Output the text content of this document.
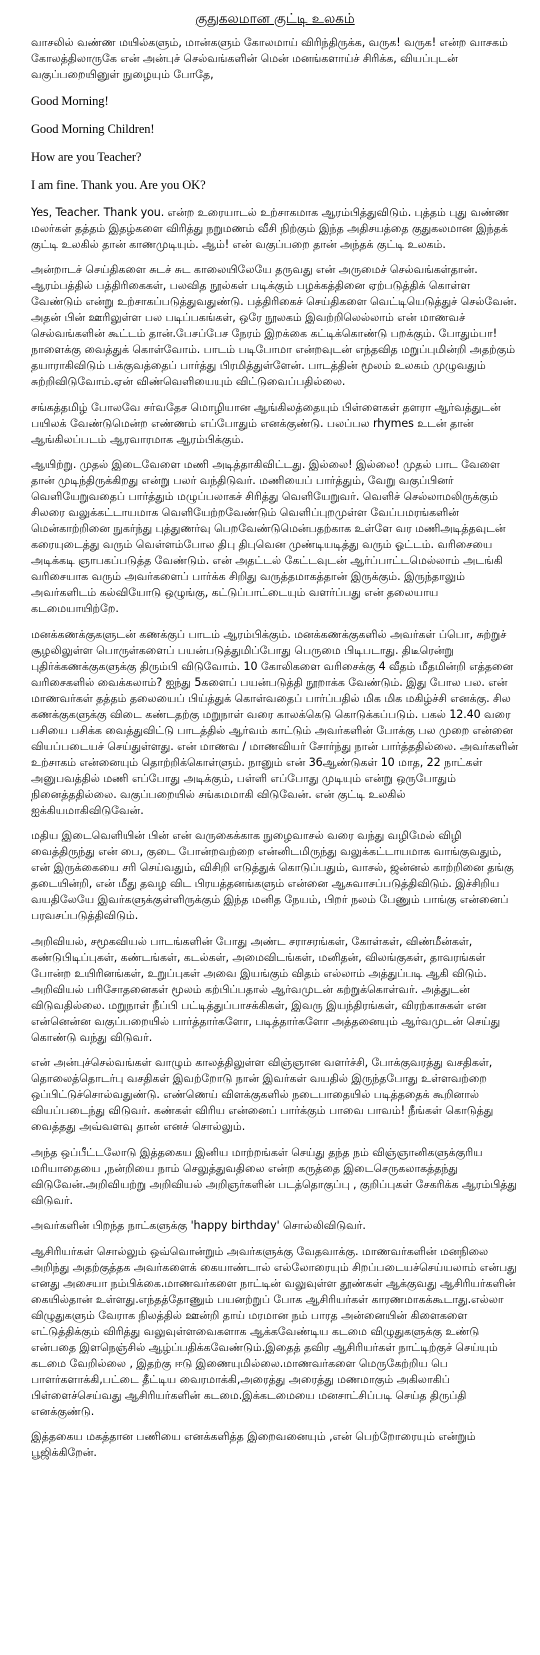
குதுகலமான குட்டி உலகம்

வாசலில் வண்ண மயில்களும், மான்களும் கோலமாய் விரிந்திருக்க, வருக! வருக! என்ற வாசகம் கோலத்திலாருகே என் அன்புச் செல்வங்களின் மென் மனங்களாய்ச் சிரிக்க, வியப்புடன் வகுப்பறையினுள் நுழையும் போதே,

Good Morning!

Good Morning Children!

How are you Teacher?

I am fine. Thank you. Are you OK?

Yes, Teacher. Thank you. என்ற உரையாடல் உற்சாகமாக ஆரம்பித்துவிடும். புத்தம் புது வண்ண மலர்கள் தத்தம் இதழ்களை விரித்து நறுமணம் வீசி நிற்கும் இந்த அதிசயத்தை குதுகலமான இந்தக் குட்டி உலகில் தான் காணமுடியும். ஆம்! என் வகுப்பறை தான் அந்தக் குட்டி உலகம்.

அன்றாடச் செய்திகளை சுடச் சுட காலையிலேயே தருவது என் அருமைச் செல்வங்கள்தான். ஆரம்பத்தில் பத்திரிகைகள், பலவித நூல்கள் படிக்கும் பழக்கத்தினை ஏற்படுத்திக் கொள்ள வேண்டும் என்று உற்சாகப்படுத்துவதுண்டு. பத்திரிகைச் செய்திகளை வெட்டியெடுத்துச் செல்வேன். அதன் பின் ஊரிலுள்ள பல படிப்பகங்கள், ஒரே நூலகம் இவற்றிலெல்லாம் என் மாணவச் செல்வங்களின் கூட்டம் தான்.பேசப்பேச நேரம் இறக்கை கட்டிக்கொண்டு பறக்கும். போதும்பா! நாளைக்கு வைத்துக் கொள்வோம். பாடம் படிபோமா என்றவுடன் எந்தவித மறுப்புமின்றி அதற்கும் தயாராகிவிடும் பக்குவத்தைப் பார்த்து பிரமித்துள்ளேன். பாடத்தின் மூலம் உலகம் முழுவதும் சுற்றிவிடுவோம்.ஏன் விண்வெளியையும் விட்டுவைப்பதில்லை.

சங்கத்தமிழ் போலவே சர்வதேச மொழியான ஆங்கிலத்தையும் பிள்ளைகள் தளரா ஆர்வத்துடன் பயிலக் வேண்டுமென்ற எண்ணம் எப்போதும் எனக்குண்டு. பலப்பல rhymes உடன் தான் ஆங்கிலப்படம் ஆரவாரமாக ஆரம்பிக்கும்.

ஆயிற்று. முதல் இடைவேளை மணி அடித்தாகிவிட்டது. இல்லை! இல்லை! முதல் பாட வேளை தான் முடிந்திருக்கிறது என்று பலர் வந்திடுவர். மணியைப் பார்த்தும், வேறு வகுப்பினர் வெளியேறுவதைப் பார்த்தும் மழுப்பலாகச் சிரித்து வெளியேறுவர். வெளிச் செல்லாமலிருக்கும் சிலரை வலுக்கட்டாயமாக வெளியேற்றவேண்டும் வெளிப்புறமுள்ள வேப்பமரங்களின் மென்காற்றினை நுகர்ந்து புத்துணர்வு பெறவேண்டுமென்பதற்காக உள்ளே வர மணிஅடித்தவுடன் கரையுடைத்து வரும் வெள்ளம்போல திபு திபுவென முண்டியடித்து வரும் ஓட்டம். வரிசையை அடிக்கடி ஞாபகப்படுத்த வேண்டும். என் அதட்டல் கேட்டவுடன் ஆர்ப்பாட்டமெல்லாம் அடங்கி வரிசையாக வரும் அவர்களைப் பார்க்க சிறிது வருத்தமாகத்தான் இருக்கும். இருந்தாலும் அவர்களிடம் கல்வியோடு ஒழுங்கு, கட்டுப்பாட்டையும் வளர்ப்பது என் தலையாய கடமையாயிற்றே.

மனக்கணக்குகளுடன் கணக்குப் பாடம் ஆரம்பிக்கும். மனக்கணக்குகளில் அவர்கள் ப்பொ, சுற்றுச் சூழலிலுள்ள பொருள்களைப் பயன்படுத்துமிப்போது பெருமை பிடிபடாது. திடீரென்று புதிர்க்கணக்குகளுக்கு திரும்பி விடுவோம். 10 கோலிகளை வரிசைக்கு 4 வீதம் மீதமின்றி எத்தனை வரிசைகளில் வைக்கலாம்? ஐந்து 5களைப் பயன்படுத்தி நூறாக்க வேண்டும். இது போல பல. என் மாணவர்கள் தத்தம் தலையைப் பிய்த்துக் கொள்வதைப் பார்ப்பதில் மிக மிக மகிழ்ச்சி எனக்கு. சில கணக்குகளுக்கு விடை கண்டதற்கு மறுநாள் வரை காலக்கெடு கொடுக்கப்படும். பகல் 12.40 வரை பசியை பசிக்க வைத்துவிட்டு பாடத்தில் ஆர்வம் காட்டும் அவர்களின் போக்கு பல முறை என்னை வியப்படையச் செய்துள்ளது. என் மாணவ / மாணவியர் சோர்ந்து நான் பார்த்ததில்லை. அவர்களின் உற்சாகம் என்னையும் தொற்றிக்கொள்ளும். நானும் என் 36ஆண்டுகள் 10 மாத, 22 நாட்கள் அனுபவத்தில் மணி எப்போது அடிக்கும், பள்ளி எப்போது முடியும் என்று ஒருபோதும் நினைத்ததில்லை. வகுப்பறையில் சங்கமமாகி விடுவேன். என் குட்டி உலகில் ஐக்கியமாகிவிடுவேன்.

மதிய இடைவெளியின் பின் என் வருகைக்காக நுழைவாசல் வரை வந்து வழிமேல் விழி வைத்திருந்து என் பை, குடை போன்றவற்றை என்னிடமிருந்து வலுக்கட்டாயமாக வாங்குவதும், என் இருக்கையை சரி செய்வதும், விசிறி எடுத்துக் கொடுப்பதும், வாசல், ஜன்னல் காற்றினை தங்கு தடையின்றி, என் மீது தவழ விட பிரயத்தனங்களும் என்னை ஆசுவாசப்படுத்திவிடும். இச்சிறிய வயதிலேயே இவர்களுக்குள்ளிருக்கும் இந்த மனித நேயம், பிறர் நலம் பேணும் பாங்கு என்னைப் பரவசப்படுத்திவிடும்.

அறிவியல், சமூகவியல் பாடங்களின் போது அண்ட சராசரங்கள், கோள்கள், விண்மீன்கள், கண்டுபிடிப்புகள், கண்டங்கள், கடல்கள், அமைவிடங்கள், மனிதன், விலங்குகள், தாவரங்கள் போன்ற உயிரினங்கள், உறுப்புகள் அவை இயங்கும் விதம் எல்லாம் அத்துப்படி ஆகி விடும். அறிவியல் பரிசோதனைகள் மூலம் கற்பிப்பதால் ஆர்வமுடன் கற்றுக்கொள்வர். அத்துடன் விடுவதில்லை. மறுநாள் நீப்பி பட்டித்துப்பாசக்கிகள், இவரு இயந்திரங்கள், விரற்காசுகள் என என்னென்ன வகுப்பறையில் பார்த்தார்களோ, படித்தார்களோ அத்தனையும் ஆர்வமுடன் செய்து கொண்டு வந்து விடுவர்.

என் அன்புச்செல்வங்கள் வாழும் காலத்திலுள்ள விஞ்ஞான வளர்ச்சி, போக்குவரத்து வசதிகள், தொலைத்தொடர்பு வசதிகள் இவற்றோடு நான் இவர்கள் வயதில் இருந்தபோது உள்ளவற்றை ஒப்பிட்டுச்சொல்வதுண்டு. எண்ணெய் விளக்குகளில் நடைபாதையில் படித்ததைக் கூறினால் வியப்படைந்து விடுவர். கண்கள் விரிய என்னைப் பார்க்கும் பாவை பாவம்! நீங்கள் கொடுத்து வைத்தது அவ்வளவு தான் எனச் சொல்லும்.

அந்த ஒப்பீட்டலோடு இத்தகைய இனிய மாற்றங்கள் செய்து தந்த நம் விஞ்ஞானிகளுக்குரிய மரியாதையை ,நன்றியை நாம் செலுத்துவதிலை என்ற கருத்தை இடைசெருகலாகத்தந்து விடுவேன்.அறிவியற்று அறிவியல் அறிஞர்களின் படத்தொகுப்பு , குறிப்புகள் சேகரிக்க ஆரம்பித்து விடுவர்.

அவர்களின் பிறந்த நாட்களுக்கு 'happy birthday' சொல்லிவிடுவர்.

ஆசிரியர்கள் சொல்லும் ஒவ்வொன்றும் அவர்களுக்கு வேதவாக்கு. மாணவர்களின் மனநிலை அறிந்து அதற்குத்தக அவர்களைக் கையாண்டால் எல்லோரையும் சிறப்படையச்செய்யலாம் என்பது எனது அசையா நம்பிக்கை.மாணவர்களை நாட்டின் வலுவுள்ள தூண்கள் ஆக்குவது ஆசிரியர்களின் கையில்தான் உள்ளது.எந்தத்தோணும் பயனற்றுப் போக ஆசிரியர்கள் காரணமாகக்கூடாது.எல்லா விழுதுகளும் வேராக நிலத்தில் ஊன்றி தாய் மரமான நம் பாரத அன்னையின் கிளைகளை எட்டுத்திக்கும் விரித்து வலுவுள்ளவைகளாக ஆக்கவேண்டிய கடமை விழுதுகளுக்கு உண்டு என்பதை இளநெஞ்சில் ஆழ்ப்பதிக்கவேண்டும்.இதைத் தவிர ஆசிரியர்கள் நாட்டிற்குச் செய்யும் கடமை வேறில்லை , இதற்கு ஈடு இணையுமில்லை.மாணவர்களை மெருகேற்றிய பெ பாளர்களாக்கி,பட்டை தீட்டிய வைரமாக்கி,அரைத்து அரைத்து மணமாகும் அகிலாகிப் பிள்ளைச்செய்வது ஆசிரியர்களின் கடமை.இக்கடமையை மனசாட்சிப்படி செய்த திருப்தி எனக்குண்டு.

இத்தகைய மகத்தான பணியை எனக்களித்த இறைவனையும் ,என் பெற்றோரையும் என்றும் பூஜிக்கிறேன்.
